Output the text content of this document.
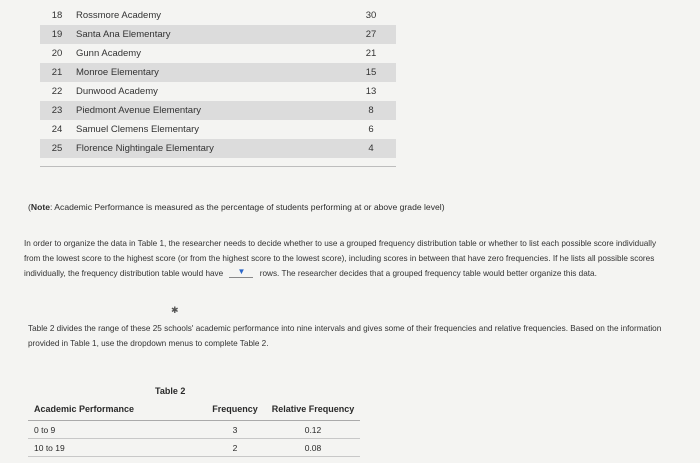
18	Rossmore Academy	30
19	Santa Ana Elementary	27
20	Gunn Academy	21
21	Monroe Elementary	15
22	Dunwood Academy	13
23	Piedmont Avenue Elementary	8
24	Samuel Clemens Elementary	6
25	Florence Nightingale Elementary	4
(Note: Academic Performance is measured as the percentage of students performing at or above grade level)
In order to organize the data in Table 1, the researcher needs to decide whether to use a grouped frequency distribution table or whether to list each possible score individually from the lowest score to the highest score (or from the highest score to the lowest score), including scores in between that have zero frequencies. If he lists all possible scores individually, the frequency distribution table would have ▼ rows. The researcher decides that a grouped frequency table would better organize this data.
✱
Table 2 divides the range of these 25 schools' academic performance into nine intervals and gives some of their frequencies and relative frequencies. Based on the information provided in Table 1, use the dropdown menus to complete Table 2.
Table 2
Academic Performance	Frequency	Relative Frequency
0 to 9	3	0.12
10 to 19	2	0.08
